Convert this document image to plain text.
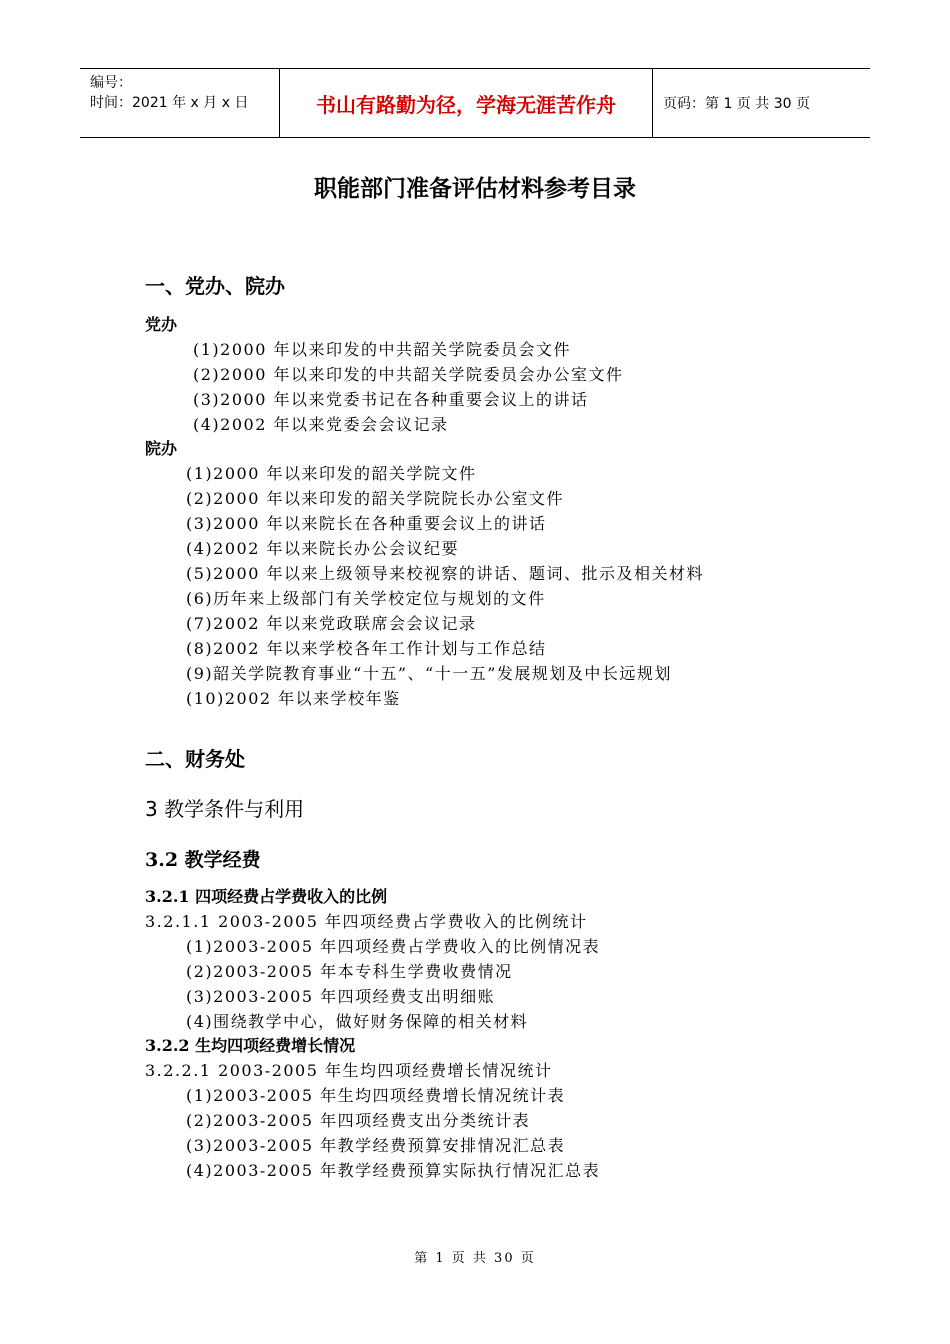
编号：
时间：2021 年 x 月 x 日	书山有路勤为径，学海无涯苦作舟	页码：第 1 页 共 30 页
职能部门准备评估材料参考目录
一、党办、院办
党办
(1)2000 年以来印发的中共韶关学院委员会文件
(2)2000 年以来印发的中共韶关学院委员会办公室文件
(3)2000 年以来党委书记在各种重要会议上的讲话
(4)2002 年以来党委会会议记录
院办
(1)2000 年以来印发的韶关学院文件
(2)2000 年以来印发的韶关学院院长办公室文件
(3)2000 年以来院长在各种重要会议上的讲话
(4)2002 年以来院长办公会议纪要
(5)2000 年以来上级领导来校视察的讲话、题词、批示及相关材料
(6)历年来上级部门有关学校定位与规划的文件
(7)2002 年以来党政联席会会议记录
(8)2002 年以来学校各年工作计划与工作总结
(9)韶关学院教育事业“十五”、“十一五”发展规划及中长远规划
(10)2002 年以来学校年鉴
二、财务处
3 教学条件与利用
3.2 教学经费
3.2.1 四项经费占学费收入的比例
3.2.1.1 2003-2005 年四项经费占学费收入的比例统计
(1)2003-2005 年四项经费占学费收入的比例情况表
(2)2003-2005 年本专科生学费收费情况
(3)2003-2005 年四项经费支出明细账
(4)围绕教学中心，做好财务保障的相关材料
3.2.2 生均四项经费增长情况
3.2.2.1 2003-2005 年生均四项经费增长情况统计
(1)2003-2005 年生均四项经费增长情况统计表
(2)2003-2005 年四项经费支出分类统计表
(3)2003-2005 年教学经费预算安排情况汇总表
(4)2003-2005 年教学经费预算实际执行情况汇总表
第 1 页 共 30 页
